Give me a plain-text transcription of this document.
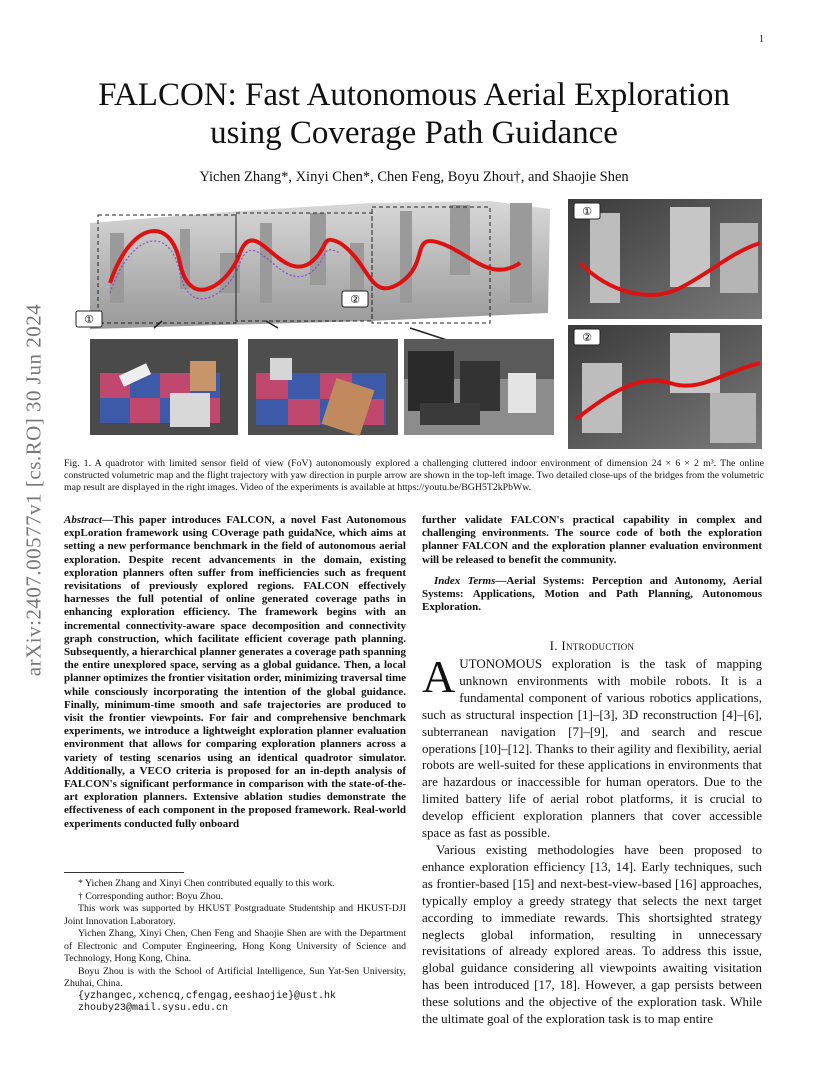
1
arXiv:2407.00577v1 [cs.RO] 30 Jun 2024
FALCON: Fast Autonomous Aerial Exploration using Coverage Path Guidance
Yichen Zhang*, Xinyi Chen*, Chen Feng, Boyu Zhou†, and Shaojie Shen
①
②
①
②
Fig. 1. A quadrotor with limited sensor field of view (FoV) autonomously explored a challenging cluttered indoor environment of dimension 24 × 6 × 2 m³. The online constructed volumetric map and the flight trajectory with yaw direction in purple arrow are shown in the top-left image. Two detailed close-ups of the bridges from the volumetric map result are displayed in the right images. Video of the experiments is available at https://youtu.be/BGH5T2kPbWw.
Abstract—This paper introduces FALCON, a novel Fast Autonomous expLoration framework using COverage path guidaNce, which aims at setting a new performance benchmark in the field of autonomous aerial exploration. Despite recent advancements in the domain, existing exploration planners often suffer from inefficiencies such as frequent revisitations of previously explored regions. FALCON effectively harnesses the full potential of online generated coverage paths in enhancing exploration efficiency. The framework begins with an incremental connectivity-aware space decomposition and connectivity graph construction, which facilitate efficient coverage path planning. Subsequently, a hierarchical planner generates a coverage path spanning the entire unexplored space, serving as a global guidance. Then, a local planner optimizes the frontier visitation order, minimizing traversal time while consciously incorporating the intention of the global guidance. Finally, minimum-time smooth and safe trajectories are produced to visit the frontier viewpoints. For fair and comprehensive benchmark experiments, we introduce a lightweight exploration planner evaluation environment that allows for comparing exploration planners across a variety of testing scenarios using an identical quadrotor simulator. Additionally, a VECO criteria is proposed for an in-depth analysis of FALCON's significant performance in comparison with the state-of-the-art exploration planners. Extensive ablation studies demonstrate the effectiveness of each component in the proposed framework. Real-world experiments conducted fully onboard
further validate FALCON's practical capability in complex and challenging environments. The source code of both the exploration planner FALCON and the exploration planner evaluation environment will be released to benefit the community.
Index Terms—Aerial Systems: Perception and Autonomy, Aerial Systems: Applications, Motion and Path Planning, Autonomous Exploration.
I. Introduction

AUTONOMOUS exploration is the task of mapping unknown environments with mobile robots. It is a fundamental component of various robotics applications, such as structural inspection [1]–[3], 3D reconstruction [4]–[6], subterranean navigation [7]–[9], and search and rescue operations [10]–[12]. Thanks to their agility and flexibility, aerial robots are well-suited for these applications in environments that are hazardous or inaccessible for human operators. Due to the limited battery life of aerial robot platforms, it is crucial to develop efficient exploration planners that cover accessible space as fast as possible.

Various existing methodologies have been proposed to enhance exploration efficiency [13, 14]. Early techniques, such as frontier-based [15] and next-best-view-based [16] approaches, typically employ a greedy strategy that selects the next target according to immediate rewards. This shortsighted strategy neglects global information, resulting in unnecessary revisitations of already explored areas. To address this issue, global guidance considering all viewpoints awaiting visitation has been introduced [17, 18]. However, a gap persists between these solutions and the objective of the exploration task. While the ultimate goal of the exploration task is to map entire

* Yichen Zhang and Xinyi Chen contributed equally to this work.

† Corresponding author: Boyu Zhou.

This work was supported by HKUST Postgraduate Studentship and HKUST-DJI Joint Innovation Laboratory.

Yichen Zhang, Xinyi Chen, Chen Feng and Shaojie Shen are with the Department of Electronic and Computer Engineering, Hong Kong University of Science and Technology, Hong Kong, China.

Boyu Zhou is with the School of Artificial Intelligence, Sun Yat-Sen University, Zhuhai, China.

{yzhangec,xchencq,cfengag,eeshaojie}@ust.hk

zhouby23@mail.sysu.edu.cn
